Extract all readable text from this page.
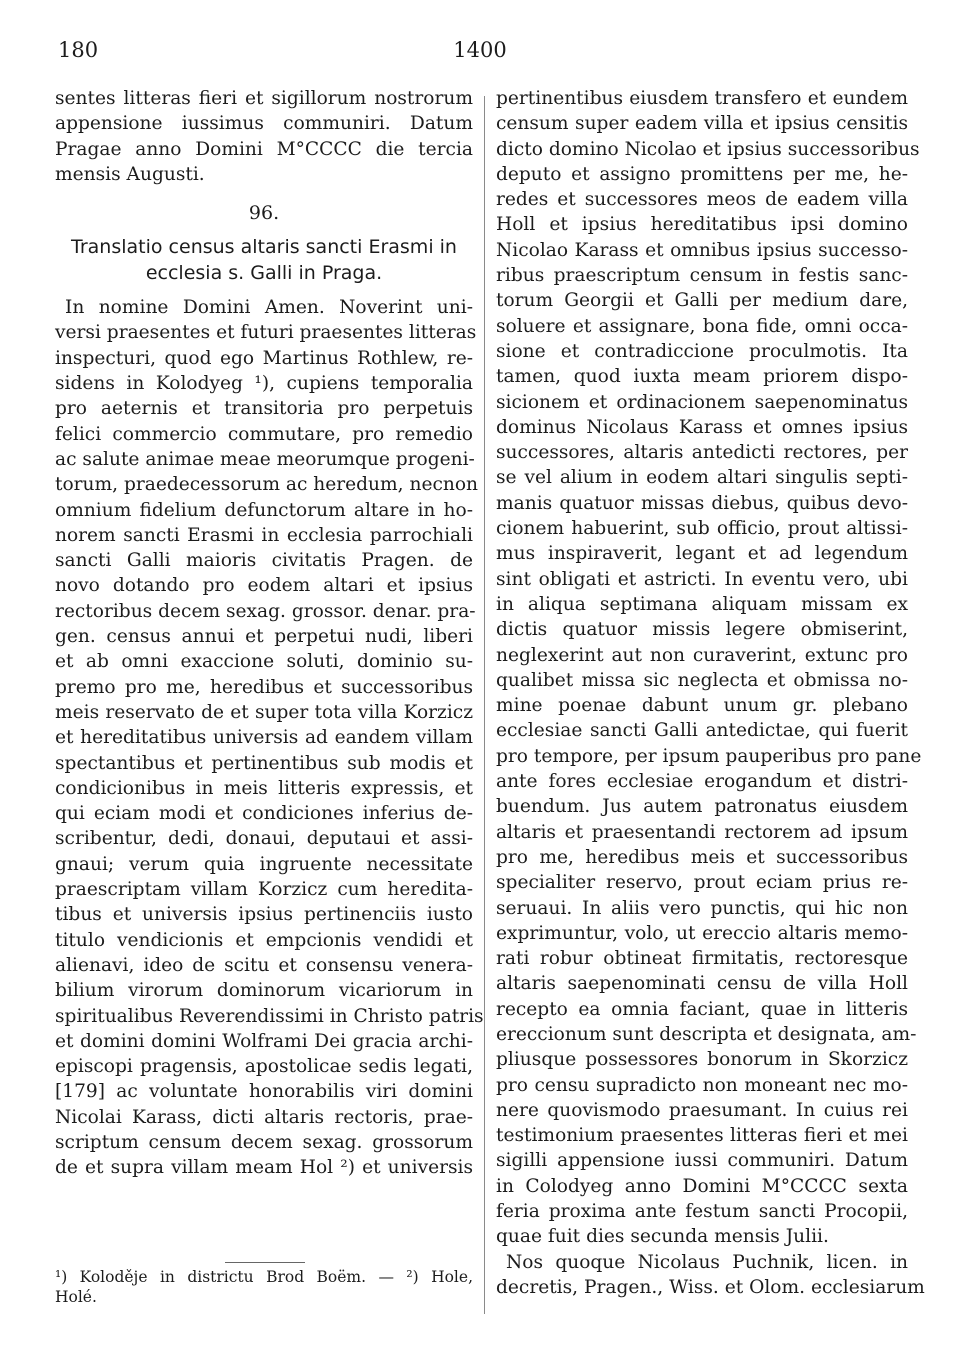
180	1400
sentes litteras fieri et sigillorum nostrorum
appensione iussimus communiri. Datum
Pragae anno Domini M°CCCC die tercia
mensis Augusti.
96.
Translatio census altaris sancti Erasmi in
ecclesia s. Galli in Praga.
In nomine Domini Amen. Noverint uni-
versi praesentes et futuri praesentes litteras
inspecturi, quod ego Martinus Rothlew, re-
sidens in Kolodyeg ¹), cupiens temporalia
pro aeternis et transitoria pro perpetuis
felici commercio commutare, pro remedio
ac salute animae meae meorumque progeni-
torum, praedecessorum ac heredum, necnon
omnium fidelium defunctorum altare in ho-
norem sancti Erasmi in ecclesia parrochiali
sancti Galli maioris civitatis Pragen. de
novo dotando pro eodem altari et ipsius
rectoribus decem sexag. grossor. denar. pra-
gen. census annui et perpetui nudi, liberi
et ab omni exaccione soluti, dominio su-
premo pro me, heredibus et successoribus
meis reservato de et super tota villa Korzicz
et hereditatibus universis ad eandem villam
spectantibus et pertinentibus sub modis et
condicionibus in meis litteris expressis, et
qui eciam modi et condiciones inferius de-
scribentur, dedi, donaui, deputaui et assi-
gnaui; verum quia ingruente necessitate
praescriptam villam Korzicz cum heredita-
tibus et universis ipsius pertinenciis iusto
titulo vendicionis et empcionis vendidi et
alienavi, ideo de scitu et consensu venera-
bilium virorum dominorum vicariorum in
spiritualibus Reverendissimi in Christo patris
et domini domini Wolframi Dei gracia archi-
episcopi pragensis, apostolicae sedis legati,
[179] ac voluntate honorabilis viri domini
Nicolai Karass, dicti altaris rectoris, prae-
scriptum censum decem sexag. grossorum
de et supra villam meam Hol ²) et universis
¹) Koloděje in districtu Brod Boëm. — ²) Hole,
Holé.
pertinentibus eiusdem transfero et eundem
censum super eadem villa et ipsius censitis
dicto domino Nicolao et ipsius successoribus
deputo et assigno promittens per me, he-
redes et successores meos de eadem villa
Holl et ipsius hereditatibus ipsi domino
Nicolao Karass et omnibus ipsius successo-
ribus praescriptum censum in festis sanc-
torum Georgii et Galli per medium dare,
soluere et assignare, bona fide, omni occa-
sione et contradiccione proculmotis. Ita
tamen, quod iuxta meam priorem dispo-
sicionem et ordinacionem saepenominatus
dominus Nicolaus Karass et omnes ipsius
successores, altaris antedicti rectores, per
se vel alium in eodem altari singulis septi-
manis quatuor missas diebus, quibus devo-
cionem habuerint, sub officio, prout altissi-
mus inspiraverit, legant et ad legendum
sint obligati et astricti. In eventu vero, ubi
in aliqua septimana aliquam missam ex
dictis quatuor missis legere obmiserint,
neglexerint aut non curaverint, extunc pro
qualibet missa sic neglecta et obmissa no-
mine poenae dabunt unum gr. plebano
ecclesiae sancti Galli antedictae, qui fuerit
pro tempore, per ipsum pauperibus pro pane
ante fores ecclesiae erogandum et distri-
buendum. Jus autem patronatus eiusdem
altaris et praesentandi rectorem ad ipsum
pro me, heredibus meis et successoribus
specialiter reservo, prout eciam prius re-
seruaui. In aliis vero punctis, qui hic non
exprimuntur, volo, ut ereccio altaris memo-
rati robur obtineat firmitatis, rectoresque
altaris saepenominati censu de villa Holl
recepto ea omnia faciant, quae in litteris
ereccionum sunt descripta et designata, am-
pliusque possessores bonorum in Skorzicz
pro censu supradicto non moneant nec mo-
nere quovismodo praesumant. In cuius rei
testimonium praesentes litteras fieri et mei
sigilli appensione iussi communiri. Datum
in Colodyeg anno Domini M°CCCC sexta
feria proxima ante festum sancti Procopii,
quae fuit dies secunda mensis Julii.
Nos quoque Nicolaus Puchnik, licen. in
decretis, Pragen., Wiss. et Olom. ecclesiarum
